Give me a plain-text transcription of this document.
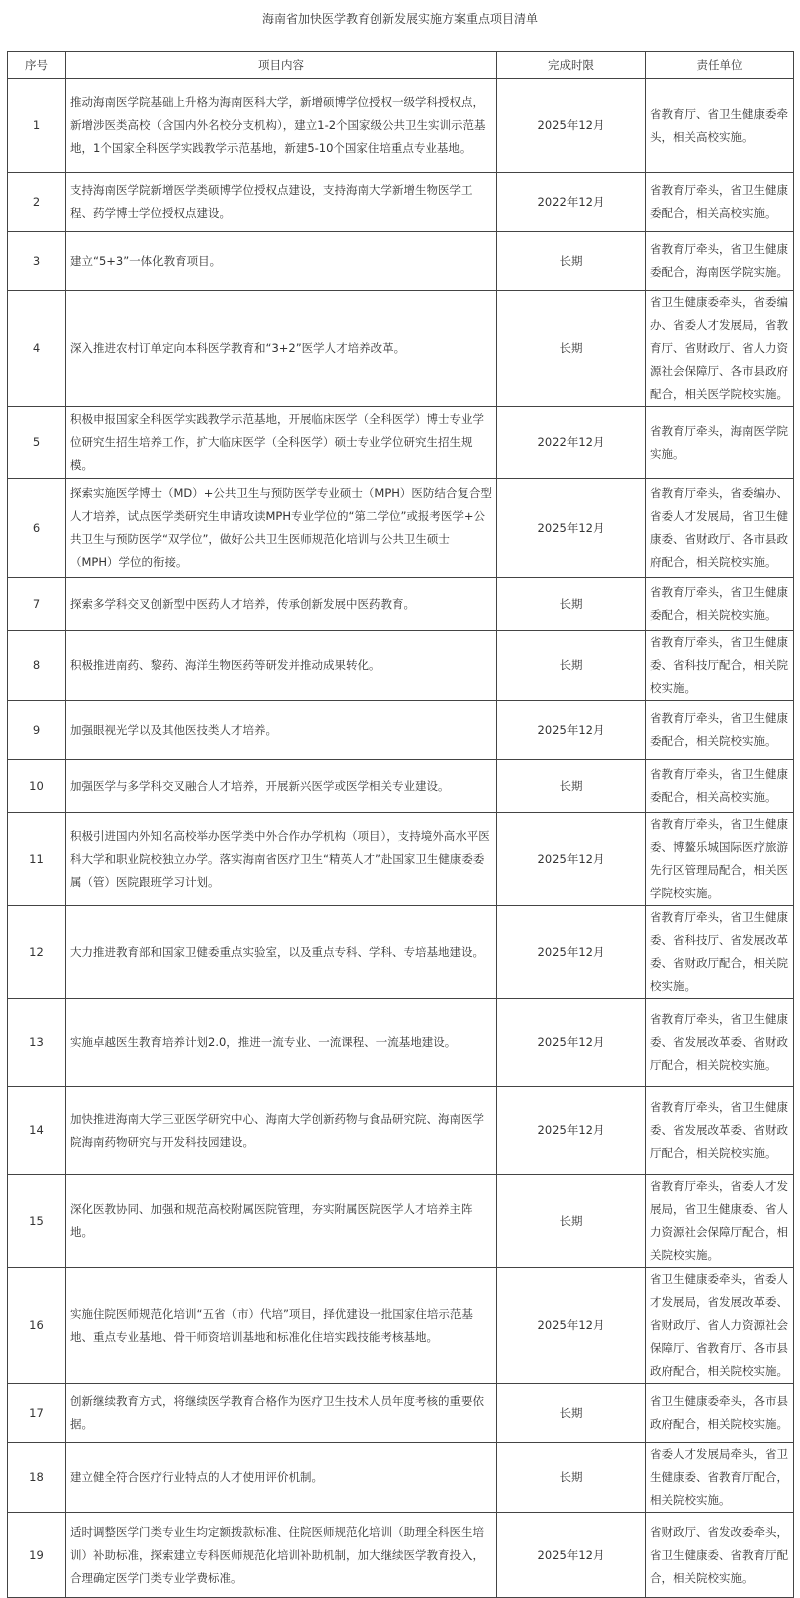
海南省加快医学教育创新发展实施方案重点项目清单
序号	项目内容	完成时限	责任单位
1	推动海南医学院基础上升格为海南医科大学，新增硕博学位授权一级学科授权点，新增涉医类高校（含国内外名校分支机构），建立1-2个国家级公共卫生实训示范基地，1个国家全科医学实践教学示范基地，新建5-10个国家住培重点专业基地。	2025年12月	省教育厅、省卫生健康委牵头，相关高校实施。
2	支持海南医学院新增医学类硕博学位授权点建设，支持海南大学新增生物医学工程、药学博士学位授权点建设。	2022年12月	省教育厅牵头，省卫生健康委配合，相关高校实施。
3	建立“5+3”一体化教育项目。	长期	省教育厅牵头，省卫生健康委配合，海南医学院实施。
4	深入推进农村订单定向本科医学教育和“3+2”医学人才培养改革。	长期	省卫生健康委牵头，省委编办、省委人才发展局，省教育厅、省财政厅、省人力资源社会保障厅、各市县政府配合，相关医学院校实施。
5	积极申报国家全科医学实践教学示范基地，开展临床医学（全科医学）博士专业学位研究生招生培养工作，扩大临床医学（全科医学）硕士专业学位研究生招生规模。	2022年12月	省教育厅牵头，海南医学院实施。
6	探索实施医学博士（MD）+公共卫生与预防医学专业硕士（MPH）医防结合复合型人才培养，试点医学类研究生申请攻读MPH专业学位的“第二学位”或报考医学+公共卫生与预防医学“双学位”，做好公共卫生医师规范化培训与公共卫生硕士（MPH）学位的衔接。	2025年12月	省教育厅牵头，省委编办、省委人才发展局，省卫生健康委、省财政厅、各市县政府配合，相关院校实施。
7	探索多学科交叉创新型中医药人才培养，传承创新发展中医药教育。	长期	省教育厅牵头，省卫生健康委配合，相关院校实施。
8	积极推进南药、黎药、海洋生物医药等研发并推动成果转化。	长期	省教育厅牵头，省卫生健康委、省科技厅配合，相关院校实施。
9	加强眼视光学以及其他医技类人才培养。	2025年12月	省教育厅牵头，省卫生健康委配合，相关院校实施。
10	加强医学与多学科交叉融合人才培养，开展新兴医学或医学相关专业建设。	长期	省教育厅牵头，省卫生健康委配合，相关高校实施。
11	积极引进国内外知名高校举办医学类中外合作办学机构（项目），支持境外高水平医科大学和职业院校独立办学。落实海南省医疗卫生“精英人才”赴国家卫生健康委委属（管）医院跟班学习计划。	2025年12月	省教育厅牵头，省卫生健康委、博鳌乐城国际医疗旅游先行区管理局配合，相关医学院校实施。
12	大力推进教育部和国家卫健委重点实验室，以及重点专科、学科、专培基地建设。	2025年12月	省教育厅牵头，省卫生健康委、省科技厅、省发展改革委、省财政厅配合，相关院校实施。
13	实施卓越医生教育培养计划2.0，推进一流专业、一流课程、一流基地建设。	2025年12月	省教育厅牵头，省卫生健康委、省发展改革委、省财政厅配合，相关院校实施。
14	加快推进海南大学三亚医学研究中心、海南大学创新药物与食品研究院、海南医学院海南药物研究与开发科技园建设。	2025年12月	省教育厅牵头，省卫生健康委、省发展改革委、省财政厅配合，相关院校实施。
15	深化医教协同、加强和规范高校附属医院管理，夯实附属医院医学人才培养主阵地。	长期	省教育厅牵头，省委人才发展局，省卫生健康委、省人力资源社会保障厅配合，相关院校实施。
16	实施住院医师规范化培训“五省（市）代培”项目，择优建设一批国家住培示范基地、重点专业基地、骨干师资培训基地和标准化住培实践技能考核基地。	2025年12月	省卫生健康委牵头，省委人才发展局，省发展改革委、省财政厅、省人力资源社会保障厅、省教育厅、各市县政府配合，相关院校实施。
17	创新继续教育方式，将继续医学教育合格作为医疗卫生技术人员年度考核的重要依据。	长期	省卫生健康委牵头，各市县政府配合，相关院校实施。
18	建立健全符合医疗行业特点的人才使用评价机制。	长期	省委人才发展局牵头，省卫生健康委、省教育厅配合，相关院校实施。
19	适时调整医学门类专业生均定额拨款标准、住院医师规范化培训（助理全科医生培训）补助标准，探索建立专科医师规范化培训补助机制，加大继续医学教育投入，合理确定医学门类专业学费标准。	2025年12月	省财政厅、省发改委牵头，省卫生健康委、省教育厅配合，相关院校实施。
